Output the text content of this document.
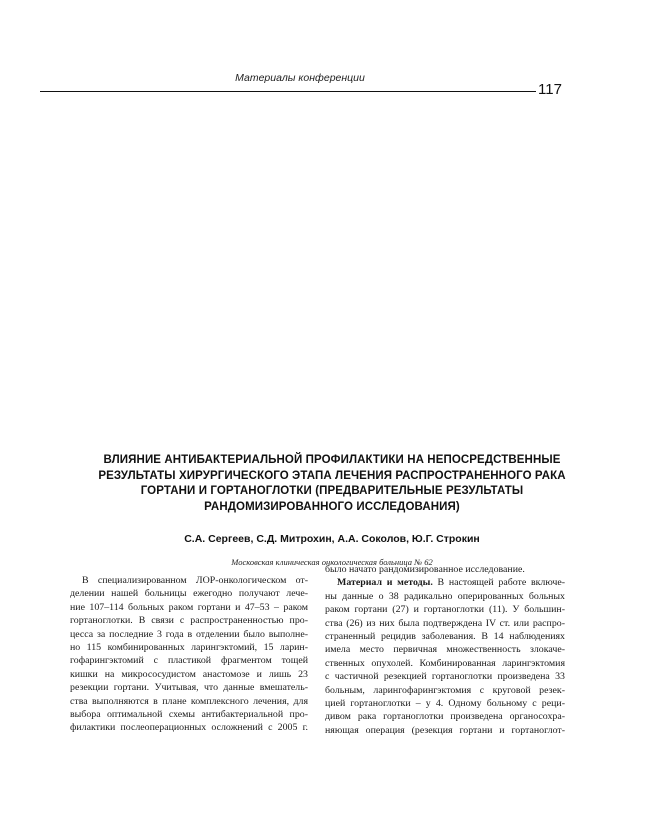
Материалы конференции
117
ВЛИЯНИЕ АНТИБАКТЕРИАЛЬНОЙ ПРОФИЛАКТИКИ НА НЕПОСРЕДСТВЕННЫЕ
РЕЗУЛЬТАТЫ ХИРУРГИЧЕСКОГО ЭТАПА ЛЕЧЕНИЯ РАСПРОСТРАНЕННОГО РАКА
ГОРТАНИ И ГОРТАНОГЛОТКИ (ПРЕДВАРИТЕЛЬНЫЕ РЕЗУЛЬТАТЫ
РАНДОМИЗИРОВАННОГО ИССЛЕДОВАНИЯ)
С.А. Сергеев, С.Д. Митрохин, А.А. Соколов, Ю.Г. Строкин
Московская клиническая онкологическая больница № 62
В специализированном ЛОР-онкологическом от-
делении нашей больницы ежегодно получают лече-
ние 107–114 больных раком гортани и 47–53 – раком
гортаноглотки. В связи с распространенностью про-
цесса за последние 3 года в отделении было выполне-
но 115 комбинированных ларингэктомий, 15 ларин-
гофарингэктомий с пластикой фрагментом тощей
кишки на микрососудистом анастомозе и лишь 23
резекции гортани. Учитывая, что данные вмешатель-
ства выполняются в плане комплексного лечения, для
выбора оптимальной схемы антибактериальной про-
филактики послеоперационных осложнений с 2005 г.
было начато рандомизированное исследование.
Материал и методы. В настоящей работе включе-
ны данные о 38 радикально оперированных больных
раком гортани (27) и гортаноглотки (11). У большин-
ства (26) из них была подтверждена IV ст. или распро-
страненный рецидив заболевания. В 14 наблюдениях
имела место первичная множественность злокаче-
ственных опухолей. Комбинированная ларингэктомия
с частичной резекцией гортаноглотки произведена 33
больным, ларингофарингэктомия с круговой резек-
цией гортаноглотки – у 4. Одному больному с реци-
дивом рака гортаноглотки произведена органосохра-
няющая операция (резекция гортани и гортаноглот-
